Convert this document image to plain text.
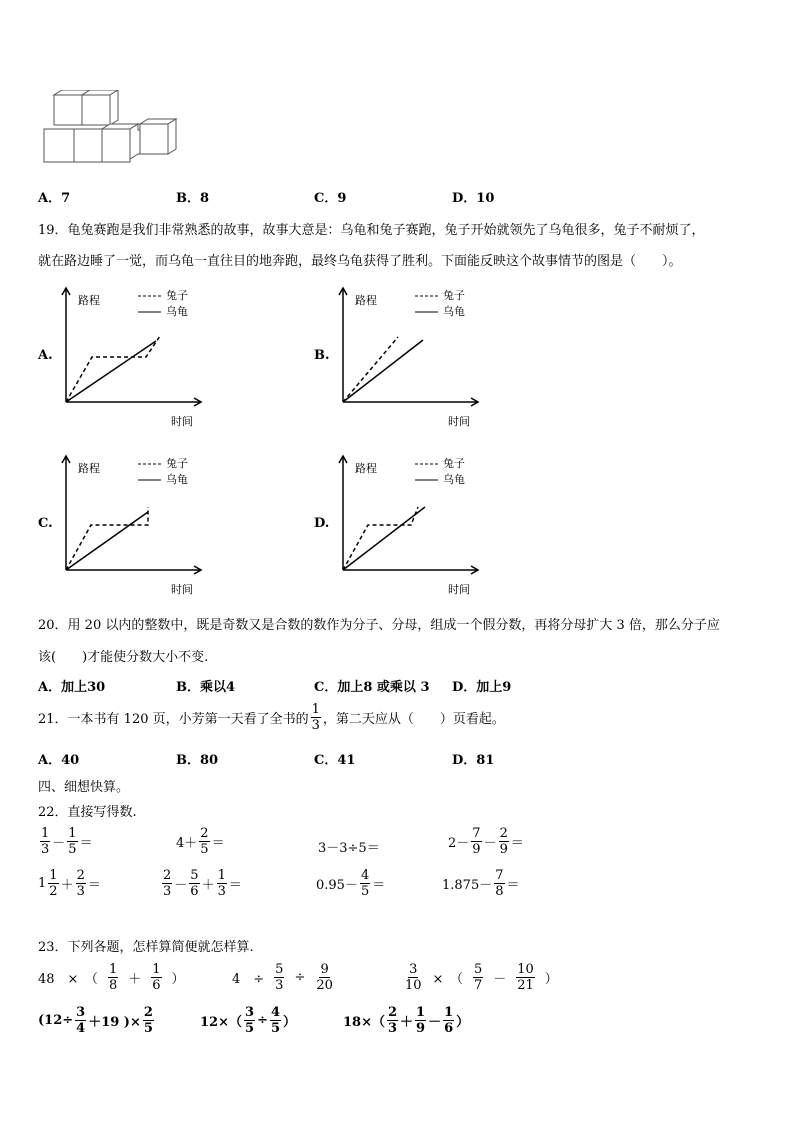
A．7	B．8	C．9	D．10
19．龟兔赛跑是我们非常熟悉的故事，故事大意是：乌龟和兔子赛跑，兔子开始就领先了乌龟很多，兔子不耐烦了，
就在路边睡了一觉，而乌龟一直往目的地奔跑，最终乌龟获得了胜利。下面能反映这个故事情节的图是（　　）。
A.	B.
C.	D.
路程
时间
兔子
乌龟
路程
时间
兔子
乌龟
路程
时间
兔子
乌龟
路程
时间
兔子
乌龟
20．用 20 以内的整数中，既是奇数又是合数的数作为分子、分母，组成一个假分数，再将分母扩大 3 倍，那么分子应
该(　　)才能使分数大小不变.
A．加上30	B．乘以4	C．加上8 或乘以 3 D．加上9
21．一本书有 120 页，小芳第一天看了全书的 $\frac{1}{3}$ ，第二天应从（　　）页看起。
A．40	B．80	C．41	D．81
四、细想快算。
22．直接写得数.
$\frac{1}{3} - \frac{1}{5}$ ＝	$4+ \frac{2}{5}$ ＝	3－3÷5＝	$2- \frac{7}{9} - \frac{2}{9}$ ＝
$1 \frac{1}{2} + \frac{2}{3}$ ＝	$\frac{2}{3} - \frac{5}{6} + \frac{1}{3}$ ＝	$0.95- \frac{4}{5}$ ＝	$1.875- \frac{7}{8}$ ＝
23．下列各题，怎样算简便就怎样算.
48　×　（ $\frac{1}{8} + \frac{1}{6}$ ）	4　÷ $\frac{5}{3} \div \frac{9}{20}$	$\frac{3}{10}$ ×　（ $\frac{5}{7} - \frac{10}{21}$ ）
($12\div \frac{3}{4} +19$ )× $\frac{2}{5}$	$12\times( \frac{3}{5} \div \frac{4}{5}$ ）	$18\times( \frac{2}{3} + \frac{1}{9} - \frac{1}{6}$ ）
